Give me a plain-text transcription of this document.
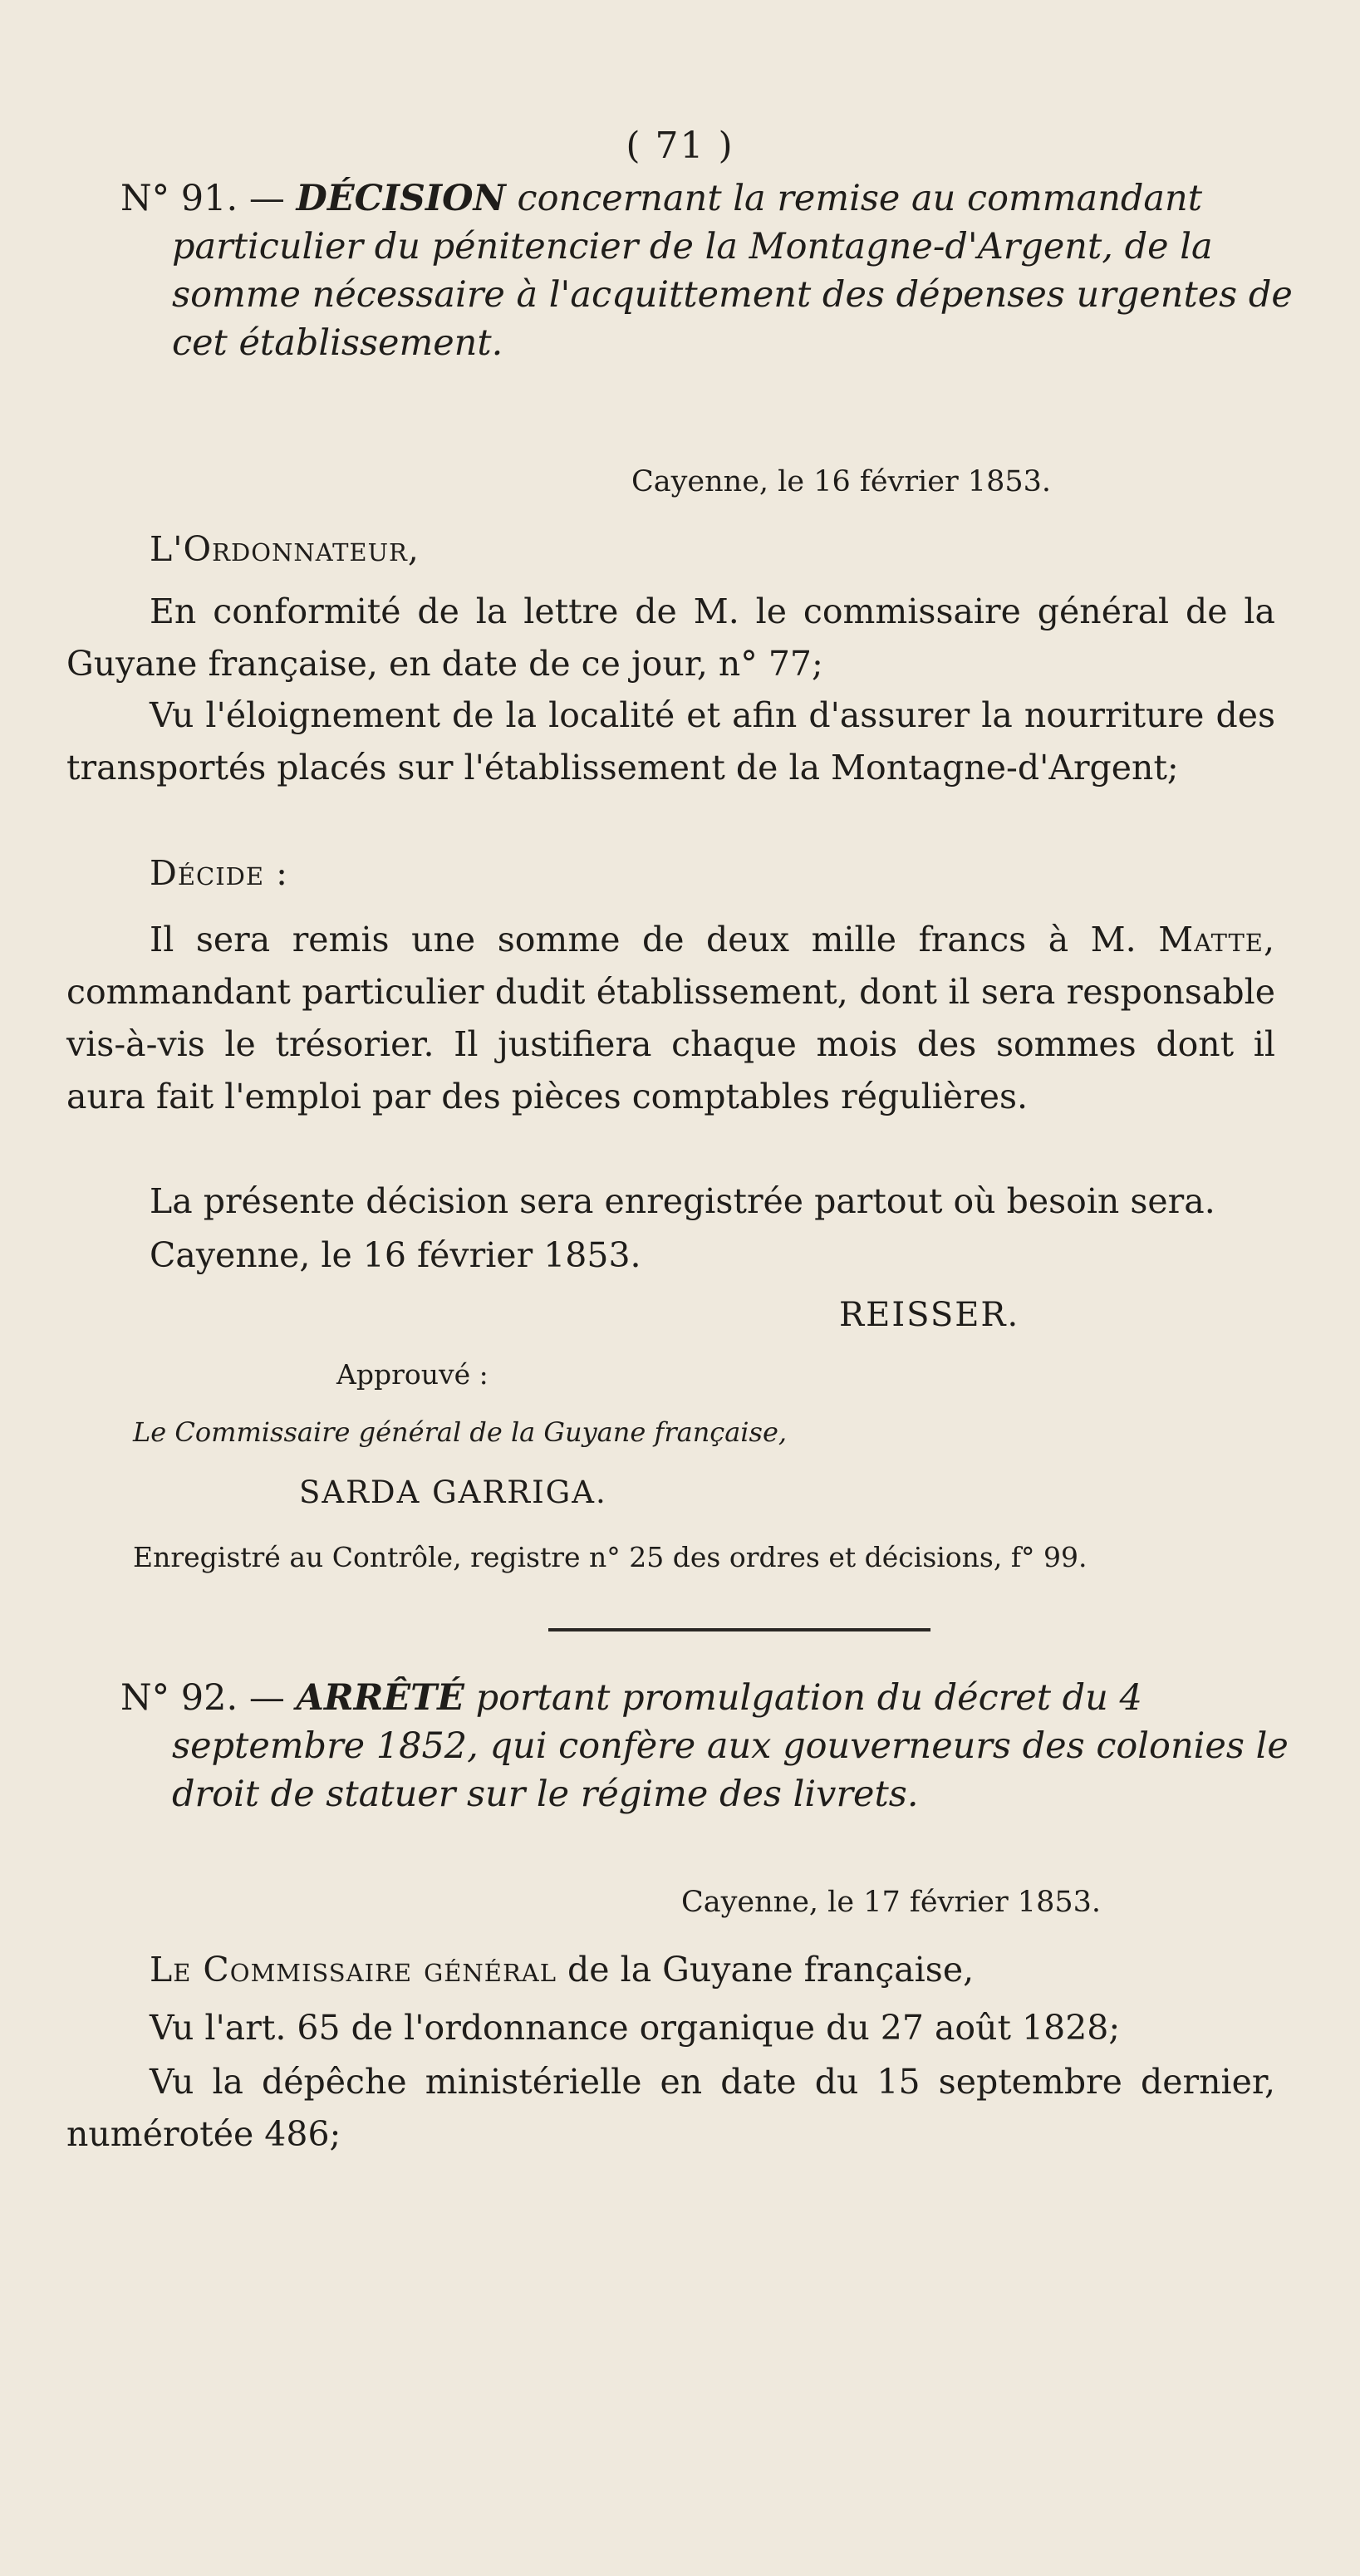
( 71 )
N° 91. — DÉCISION concernant la remise au commandant particulier du pénitencier de la Montagne-d'Argent, de la somme nécessaire à l'acquittement des dépenses urgentes de cet établissement.
Cayenne, le 16 février 1853.
L'Ordonnateur,
En conformité de la lettre de M. le commissaire général de la Guyane française, en date de ce jour, n° 77;
Vu l'éloignement de la localité et afin d'assurer la nourriture des transportés placés sur l'établissement de la Montagne-d'Argent;
Décide :
Il sera remis une somme de deux mille francs à M. Matte, commandant particulier dudit établissement, dont il sera responsable vis-à-vis le trésorier. Il justifiera chaque mois des sommes dont il aura fait l'emploi par des pièces comptables régulières.
La présente décision sera enregistrée partout où besoin sera.
Cayenne, le 16 février 1853.
REISSER.
Approuvé :
Le Commissaire général de la Guyane française,
SARDA GARRIGA.
Enregistré au Contrôle, registre n° 25 des ordres et décisions, f° 99.
N° 92. — ARRÊTÉ portant promulgation du décret du 4 septembre 1852, qui confère aux gouverneurs des colonies le droit de statuer sur le régime des livrets.
Cayenne, le 17 février 1853.
Le Commissaire général de la Guyane française,
Vu l'art. 65 de l'ordonnance organique du 27 août 1828;
Vu la dépêche ministérielle en date du 15 septembre dernier, numérotée 486;
